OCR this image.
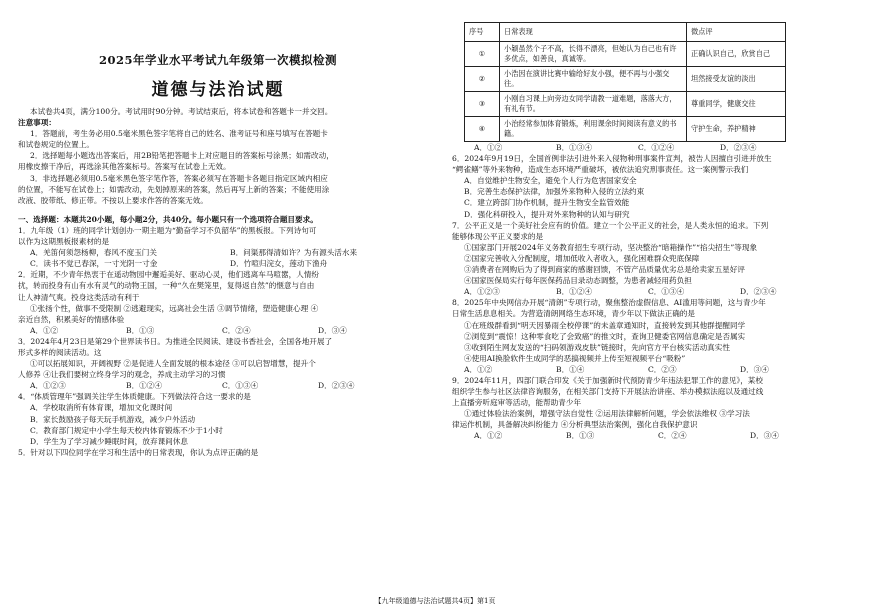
2025年学业水平考试九年级第一次模拟检测

道德与法治试题

本试卷共4页，满分100分。考试用时90分钟。考试结束后，将本试卷和答题卡一并交回。

注意事项：

1．答题前，考生务必用0.5毫米黑色签字笔将自己的姓名、准考证号和座号填写在答题卡

和试卷规定的位置上。

2．选择题每小题选出答案后，用2B铅笔把答题卡上对应题目的答案标号涂黑；如需改动，

用橡皮擦干净后，再选涂其他答案标号。答案写在试卷上无效。

3．非选择题必须用0.5毫米黑色签字笔作答，答案必须写在答题卡各题目指定区域内相应

的位置，不能写在试卷上；如需改动，先划掉原来的答案，然后再写上新的答案；不能使用涂

改液、胶带纸、修正带。不按以上要求作答的答案无效。

一、选择题：本题共20小题，每小题2分，共40分。每小题只有一个选项符合题目要求。

1．九年级（1）班的同学计划创办一期主题为“勤奋学习不负韶华”的黑板报。下列诗句可

以作为这期黑板报素材的是

A．羌笛何须怨杨柳，春风不度玉门关	B．问渠那得清如许？为有源头活水来
C．读书不觉已春深，一寸光阴一寸金	D．竹喧归浣女，莲动下渔舟

2．近期，不少青年热衷于在遥动物园中邂逅美好、驱动心灵，他们逃离车马喧嚣，人情纷

扰，转而投身有山有水有灵气的动物王国，一种“久在樊笼里，复得返自然”的惬意与自由

让人神清气爽。投身这类活动有利于

①张扬个性，做事不受限制 ②逃避现实，远离社会生活 ③调节情绪，塑造健康心理 ④

亲近自然，积累美好的情感体验

A．①②	B．①③	C．②④	D．③④

3．2024年4月23日是第29个世界读书日。为推进全民阅读、建设书香社会，全国各地开展了

形式多样的阅读活动。这

①可以拓展知识，开阔视野 ②是促进人全面发展的根本途径 ③可以启智增慧，提升个

人修养 ④让我们要树立终身学习的观念，养成主动学习的习惯

A．①②③	B．①②④	C．①③④	D．②③④

4．“体质管理年”强调关注学生体质健康。下列做法符合这一要求的是

A．学校取消所有体育课，增加文化课时间

B．家长鼓励孩子每天玩手机游戏，减少户外活动

C．教育部门规定中小学生每天校内体育锻炼不少于1小时

D．学生为了学习减少睡眠时间，放弃课间休息

5．针对以下四位同学在学习和生活中的日常表现，你认为点评正确的是

序号	日常表现	微点评
①	小颖虽然个子不高，长得不漂亮，但她认为自己也有许多优点，如善良，真诚等。	正确认识自己，欣赏自己
②	小浩因在演讲比赛中输给好友小强，便不再与小强交往。	坦然接受友谊的淡出
③	小刚自习课上向旁边女同学请教一道难题，落落大方，有礼有节。	尊重同学，健康交往
④	小治经常参加体育锻炼，利用课余时间阅读有意义的书籍。	守护生命，养护精神
A．①②	B．①③④	C．①②④	D．②③④

6．2024年9月19日，全国首例非法引进外来入侵物种刑事案件宣判，被告人因擅自引进并放生

“鳄雀鳝”等外来物种，造成生态环境严重破坏，被依法追究刑事责任。这一案例警示我们

A．自觉维护生物安全，避免个人行为危害国家安全

B．完善生态保护法律，加强外来物种入侵的立法约束

C．建立跨部门协作机制，提升生物安全监管效能

D．强化科研投入，提升对外来物种的认知与研究

7．公平正义是一个美好社会应有的价值。建立一个公平正义的社会，是人类永恒的追求。下列

能够体现公平正义要求的是

①国家部门开展2024年义务教育招生专项行动，坚决整治“暗箱操作”“掐尖招生”等现象

②国家完善收入分配制度，增加低收入者收入，强化困难群众兜底保障

③消费者在网购后为了得到商家的感谢回馈，不管产品质量优劣总是给卖家五星好评

④国家医保局实行每年医保药品目录动态调整，为患者减轻用药负担

A．①②③	B．①②④	C．①③④	D．②③④

8．2025年中央网信办开展“清朗”专项行动，聚焦整治虚假信息、AI滥用等问题，这与青少年

日常生活息息相关。为营造清朗网络生态环境，青少年以下做法正确的是

①在班级群看到“明天因暴雨全校停课”的未盖章通知时，直接转发到其他群提醒同学

②浏览到“震惊！这种零食吃了会致癌”的推文时，查询卫健委官网信息确定是否属实

③收到陌生网友发送的“扫码领游戏皮肤”链接时，先向官方平台核实活动真实性

④使用AI换脸软件生成同学的恶搞视频并上传至短视频平台“吸粉”

A．①②	B．①④	C．②③	D．③④

9．2024年11月，四部门联合印发《关于加强新时代预防青少年违法犯罪工作的意见》，某校

组织学生参与社区法律咨询服务，在相关部门支持下开展法治讲座、举办模拟法庭以及通过线

上直播旁听庭审等活动，能帮助青少年

①通过体验法治案例，增强守法自觉性 ②运用法律解析问题，学会依法维权 ③学习法

律运作机制，具备解决纠纷能力 ④分析典型法治案例，强化自我保护意识

A．①②	B．①③	C．②④	D．③④
【九年级道德与法治试题共4页】第1页
